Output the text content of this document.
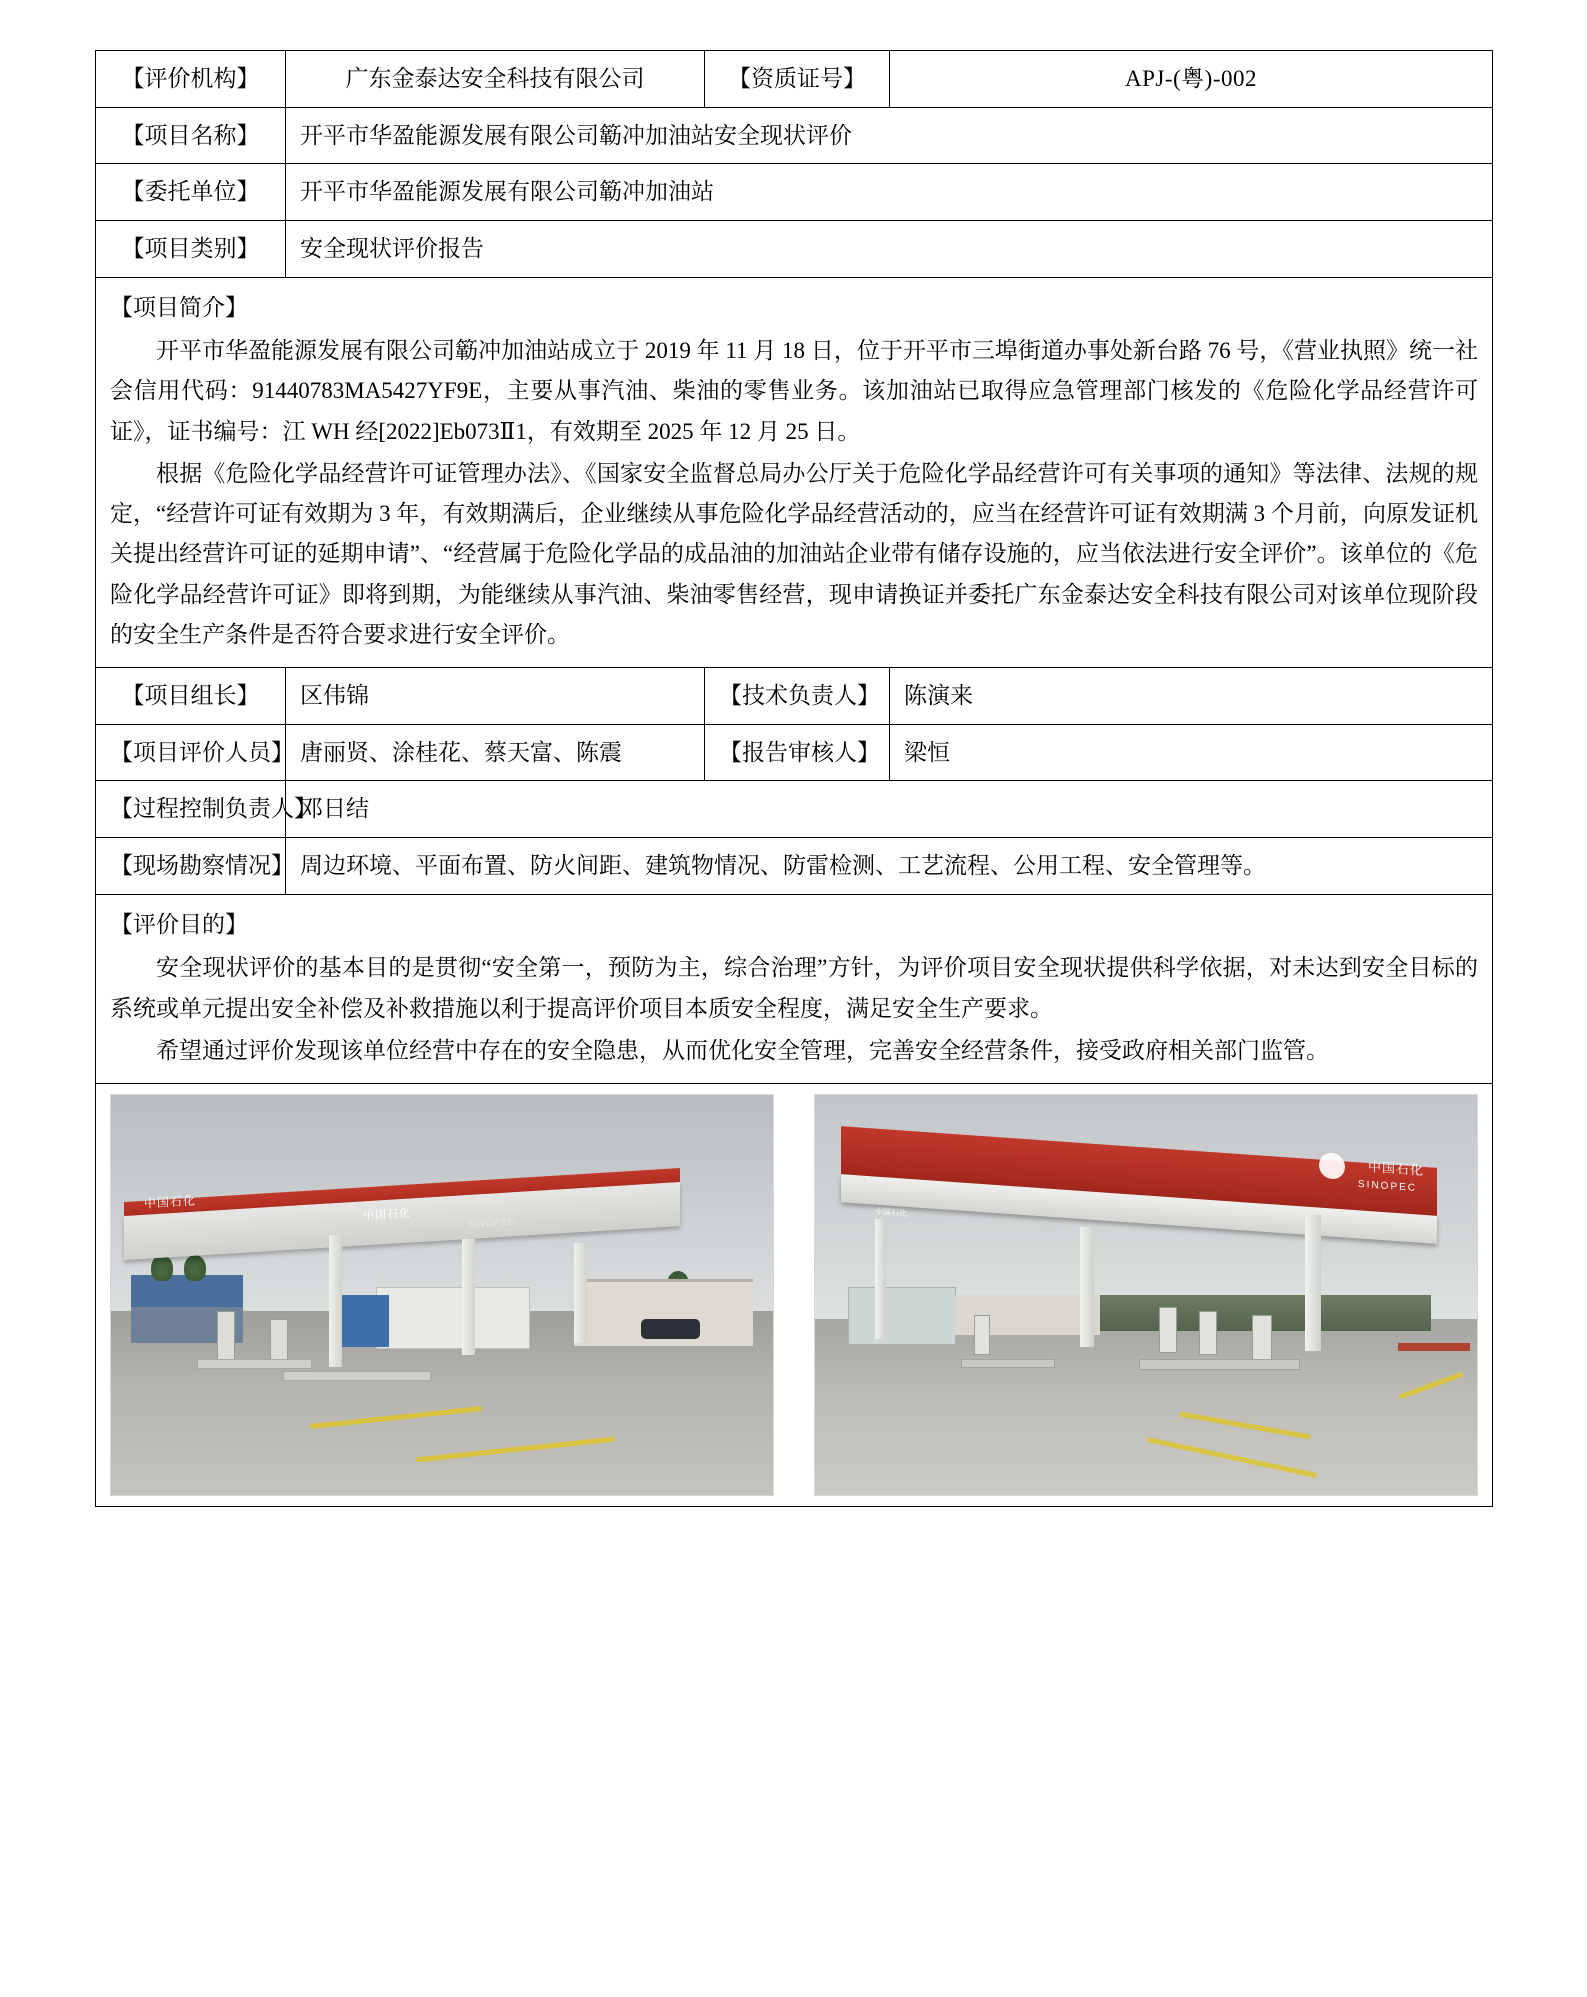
【评价机构】	广东金泰达安全科技有限公司	【资质证号】	APJ-(粤)-002
【项目名称】	开平市华盈能源发展有限公司簕冲加油站安全现状评价		
【委托单位】	开平市华盈能源发展有限公司簕冲加油站		
【项目类别】	安全现状评价报告		

【项目简介】

开平市华盈能源发展有限公司簕冲加油站成立于 2019 年 11 月 18 日，位于开平市三埠街道办事处新台路 76 号，《营业执照》统一社会信用代码：91440783MA5427YF9E，主要从事汽油、柴油的零售业务。该加油站已取得应急管理部门核发的《危险化学品经营许可证》，证书编号：江 WH 经[2022]Eb073Ⅱ1，有效期至 2025 年 12 月 25 日。

根据《危险化学品经营许可证管理办法》、《国家安全监督总局办公厅关于危险化学品经营许可有关事项的通知》等法律、法规的规定，“经营许可证有效期为 3 年，有效期满后，企业继续从事危险化学品经营活动的，应当在经营许可证有效期满 3 个月前，向原发证机关提出经营许可证的延期申请”、“经营属于危险化学品的成品油的加油站企业带有储存设施的，应当依法进行安全评价”。该单位的《危险化学品经营许可证》即将到期，为能继续从事汽油、柴油零售经营，现申请换证并委托广东金泰达安全科技有限公司对该单位现阶段的安全生产条件是否符合要求进行安全评价。			

【项目组长】	区伟锦	【技术负责人】	陈演来
【项目评价人员】	唐丽贤、涂桂花、蔡天富、陈震	【报告审核人】	梁恒
【过程控制负责人】	邓日结		
【现场勘察情况】	周边环境、平面布置、防火间距、建筑物情况、防雷检测、工艺流程、公用工程、安全管理等。		

【评价目的】

安全现状评价的基本目的是贯彻“安全第一，预防为主，综合治理”方针，为评价项目安全现状提供科学依据，对未达到安全目标的系统或单元提出安全补偿及补救措施以利于提高评价项目本质安全程度，满足安全生产要求。

希望通过评价发现该单位经营中存在的安全隐患，从而优化安全管理，完善安全经营条件，接受政府相关部门监管。			

中国石化
中国石化
SINOPEC
中国石化
SINOPEC
中国石化
